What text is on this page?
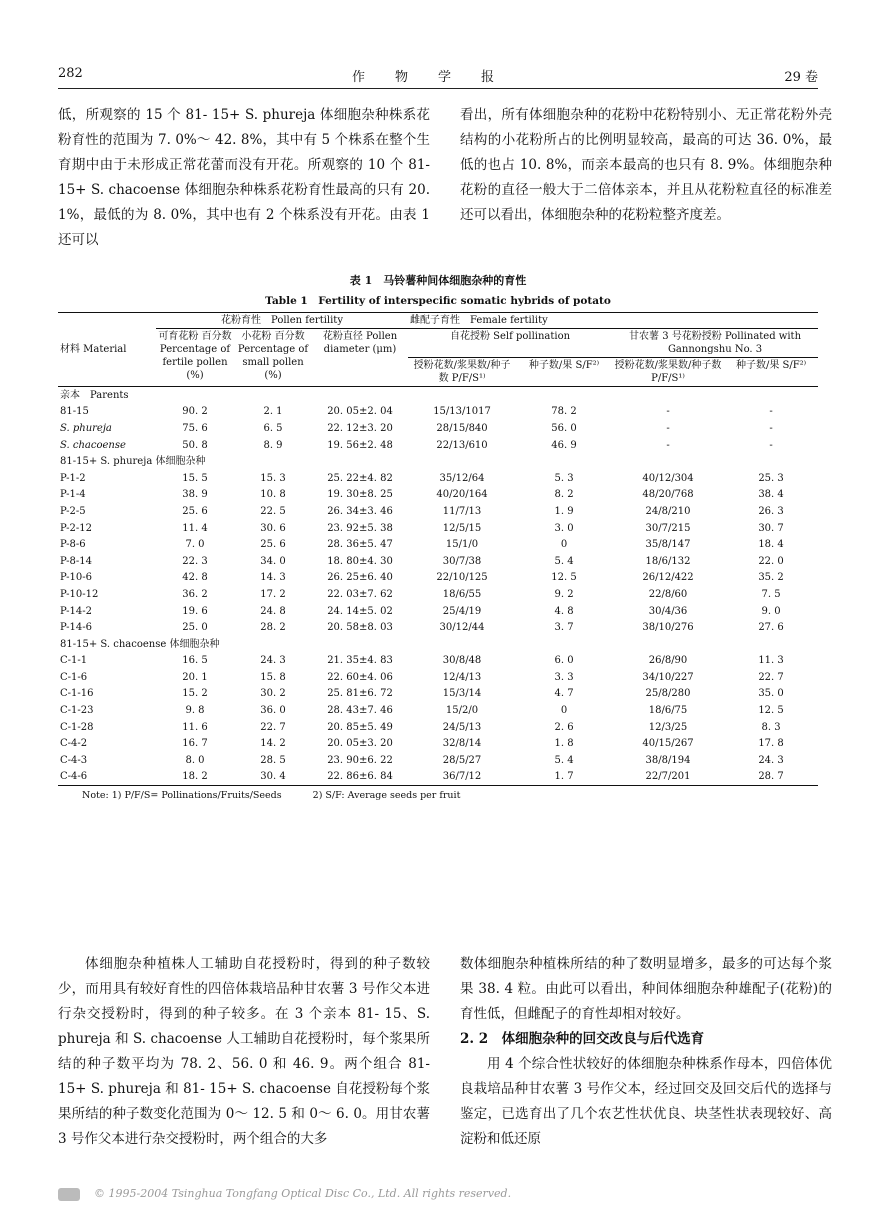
282	作物学报	29 卷

低，所观察的 15 个 81- 15+ S. phureja 体细胞杂种株系花粉育性的范围为 7. 0%～ 42. 8%，其中有 5 个株系在整个生育期中由于未形成正常花蕾而没有开花。所观察的 10 个 81- 15+ S. chacoense 体细胞杂种株系花粉育性最高的只有 20. 1%，最低的为 8. 0%，其中也有 2 个株系没有开花。由表 1 还可以

看出，所有体细胞杂种的花粉中花粉特别小、无正常花粉外壳结构的小花粉所占的比例明显较高，最高的可达 36. 0%，最低的也占 10. 8%，而亲本最高的也只有 8. 9%。体细胞杂种花粉的直径一般大于二倍体亲本，并且从花粉粒直径的标准差还可以看出，体细胞杂种的花粉粒整齐度差。

表 1　马铃薯种间体细胞杂种的育性
Table 1　Fertility of interspecific somatic hybrids of potato
材料 Material	花粉育性　Pollen fertility			雌配子育性　Female fertility			
	可育花粉 百分数 Percentage of fertile pollen (%)	小花粉 百分数 Percentage of small pollen (%)	花粉直径 Pollen diameter (μm)	自花授粉 Self pollination		甘农薯 3 号花粉授粉 Pollinated with Gannongshu No. 3	
				授粉花数/浆果数/种子数 P/F/S¹⁾	种子数/果 S/F²⁾	授粉花数/浆果数/种子数 P/F/S¹⁾	种子数/果 S/F²⁾
亲本　Parents							
81-15	90. 2	2. 1	20. 05±2. 04	15/13/1017	78. 2	-	-
S. phureja	75. 6	6. 5	22. 12±3. 20	28/15/840	56. 0	-	-
S. chacoense	50. 8	8. 9	19. 56±2. 48	22/13/610	46. 9	-	-
81-15+ S. phureja 体细胞杂种							
P-1-2	15. 5	15. 3	25. 22±4. 82	35/12/64	5. 3	40/12/304	25. 3
P-1-4	38. 9	10. 8	19. 30±8. 25	40/20/164	8. 2	48/20/768	38. 4
P-2-5	25. 6	22. 5	26. 34±3. 46	11/7/13	1. 9	24/8/210	26. 3
P-2-12	11. 4	30. 6	23. 92±5. 38	12/5/15	3. 0	30/7/215	30. 7
P-8-6	7. 0	25. 6	28. 36±5. 47	15/1/0	0	35/8/147	18. 4
P-8-14	22. 3	34. 0	18. 80±4. 30	30/7/38	5. 4	18/6/132	22. 0
P-10-6	42. 8	14. 3	26. 25±6. 40	22/10/125	12. 5	26/12/422	35. 2
P-10-12	36. 2	17. 2	22. 03±7. 62	18/6/55	9. 2	22/8/60	7. 5
P-14-2	19. 6	24. 8	24. 14±5. 02	25/4/19	4. 8	30/4/36	9. 0
P-14-6	25. 0	28. 2	20. 58±8. 03	30/12/44	3. 7	38/10/276	27. 6
81-15+ S. chacoense 体细胞杂种							
C-1-1	16. 5	24. 3	21. 35±4. 83	30/8/48	6. 0	26/8/90	11. 3
C-1-6	20. 1	15. 8	22. 60±4. 06	12/4/13	3. 3	34/10/227	22. 7
C-1-16	15. 2	30. 2	25. 81±6. 72	15/3/14	4. 7	25/8/280	35. 0
C-1-23	9. 8	36. 0	28. 43±7. 46	15/2/0	0	18/6/75	12. 5
C-1-28	11. 6	22. 7	20. 85±5. 49	24/5/13	2. 6	12/3/25	8. 3
C-4-2	16. 7	14. 2	20. 05±3. 20	32/8/14	1. 8	40/15/267	17. 8
C-4-3	8. 0	28. 5	23. 90±6. 22	28/5/27	5. 4	38/8/194	24. 3
C-4-6	18. 2	30. 4	22. 86±6. 84	36/7/12	1. 7	22/7/201	28. 7
Note: 1) P/F/S= Pollinations/Fruits/Seeds	2) S/F: Average seeds per fruit

体细胞杂种植株人工辅助自花授粉时，得到的种子数较少，而用具有较好育性的四倍体栽培品种甘农薯 3 号作父本进行杂交授粉时，得到的种子较多。在 3 个亲本 81- 15、S. phureja 和 S. chacoense 人工辅助自花授粉时，每个浆果所结的种子数平均为 78. 2、56. 0 和 46. 9。两个组合 81- 15+ S. phureja 和 81- 15+ S. chacoense 自花授粉每个浆果所结的种子数变化范围为 0～ 12. 5 和 0～ 6. 0。用甘农薯 3 号作父本进行杂交授粉时，两个组合的大多

数体细胞杂种植株所结的种了数明显增多，最多的可达每个浆果 38. 4 粒。由此可以看出，种间体细胞杂种雄配子(花粉)的育性低，但雌配子的育性却相对较好。

2. 2　体细胞杂种的回交改良与后代选育

用 4 个综合性状较好的体细胞杂种株系作母本，四倍体优良栽培品种甘农薯 3 号作父本，经过回交及回交后代的选择与鉴定，已选育出了几个农艺性状优良、块茎性状表现较好、高淀粉和低还原

© 1995-2004 Tsinghua Tongfang Optical Disc Co., Ltd. All rights reserved.
